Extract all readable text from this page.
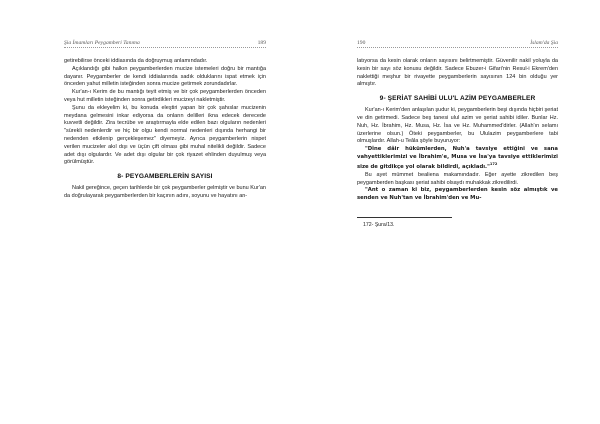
Şia İmamları Peygamberi Tanıma	189

getirebilirse önceki iddiasında da doğruymuş anlamındadır.

Açıklandığı gibi halkın peygamberlerden mucize istemeleri doğru bir mantığa dayanır. Peygamberler de kendi iddialarında sadık olduklarını ispat etmek için önceden yahut milletin isteğinden sonra mucize getirmek zorundadırlar.

Kur'an-ı Kerim de bu mantığı teyit etmiş ve bir çok peygamberlerden önceden veya hut milletin isteğinden sonra getirdikleri mucizeyi nakletmiştir.

Şunu da ekleyelim ki, bu konuda eleştiri yapan bir çok şahıslar mucizenin meydana gelmesini inkar ediyorsa da onların delilleri ikna edecek derecede kuvvetli değildir. Zira tecrübe ve araştırmayla elde edilen bazı olguların nedenleri "sürekli nedenlerdir ve hiç bir olgu kendi normal nedenleri dışında herhangi bir nedenden etkilenip gerçekleşemez" diyemeyiz. Ayrıca peygamberlerin nispet verilen mucizeler akıl dışı ve üçün çift olması gibi muhal nitelikli değildir. Sadece adet dışı olgulardır. Ve adet dışı olgular bir çok riyazet ehlinden duyulmuş veya görülmüştür.

8- PEYGAMBERLERİN SAYISI

Nakil gereğince, geçen tarihlerde bir çok peygamberler gelmiştir ve bunu Kur'an da doğrulayarak peygamberlerden bir kaçının adını, soyunu ve hayatını an-

190	İslam'da Şia

latıyorsa da kesin olarak onların sayısını belirtmemiştir. Güvenilir nakil yoluyla da kesin bir sayı söz konusu değildir. Sadece Ebuzer-i Gifari'nin Resul-i Ekrem'den naklettiği meşhur bir rivayette peygamberlerin sayısının 124 bin olduğu yer almıştır.

9- ŞERİAT SAHİBİ ULU'L AZİM PEYGAMBERLER

Kur'an-ı Kerim'den anlaşılan şudur ki, peygamberlerin beşi dışında hiçbiri şeriat ve din getirmedi. Sadece beş tanesi ulul azim ve şeriat sahibi idiler. Bunlar Hz. Nuh, Hz. İbrahim, Hz. Musa, Hz. İsa ve Hz. Muhammed'dirler. (Allah'ın selamı üzerlerine olsun.) Öteki peygamberler, bu Ululazim peygamberlere tabi olmuşlardır. Allah-u Teâla şöyle buyuruyor:

"Dîne dâir hükümlerden, Nuh'a tavsiye ettiğini ve sana vahyettiklerimizi ve İbrahim'e, Musa ve İsa'ya tavsiye ettiklerimizi size de gitdikçe yol olarak bildirdi, açıkladı."$^{172}$

Bu ayet mümmet bealiena makamındadır. Eğer ayette zikredilen beş peygamberden başkası şeriat sahibi olsaydı muhakkak zikredilirdi.

"Ant o zaman ki biz, peygamberlerden kesin söz almıştık ve senden ve Nuh'tan ve İbrahim'den ve Mu-

172- Şura/13.
